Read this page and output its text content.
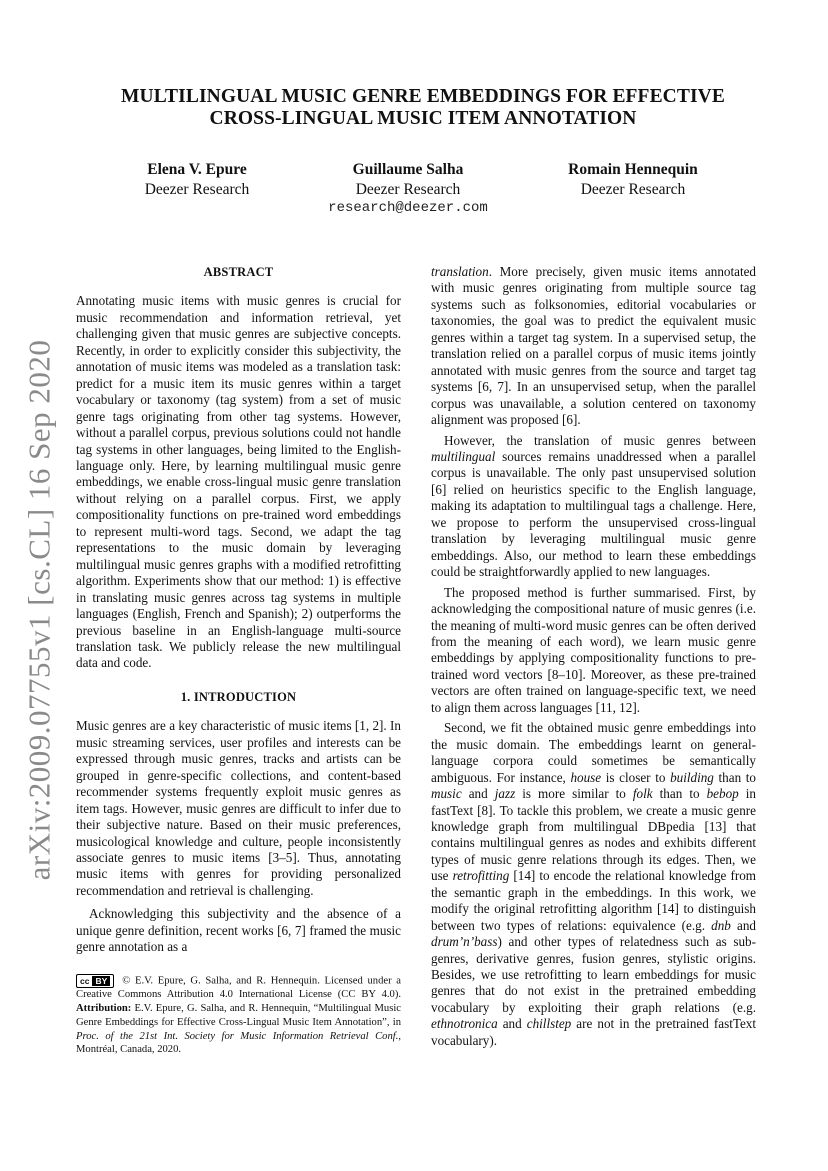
arXiv:2009.07755v1 [cs.CL] 16 Sep 2020
MULTILINGUAL MUSIC GENRE EMBEDDINGS FOR EFFECTIVE
CROSS-LINGUAL MUSIC ITEM ANNOTATION
Elena V. Epure
Deezer Research
Guillaume Salha
Deezer Research
Romain Hennequin
Deezer Research
research@deezer.com
ABSTRACT

Annotating music items with music genres is crucial for music recommendation and information retrieval, yet challenging given that music genres are subjective concepts. Recently, in order to explicitly consider this subjectivity, the annotation of music items was modeled as a translation task: predict for a music item its music genres within a target vocabulary or taxonomy (tag system) from a set of music genre tags originating from other tag systems. However, without a parallel corpus, previous solutions could not handle tag systems in other languages, being limited to the English-language only. Here, by learning multilingual music genre embeddings, we enable cross-lingual music genre translation without relying on a parallel corpus. First, we apply compositionality functions on pre-trained word embeddings to represent multi-word tags. Second, we adapt the tag representations to the music domain by leveraging multilingual music genres graphs with a modified retrofitting algorithm. Experiments show that our method: 1) is effective in translating music genres across tag systems in multiple languages (English, French and Spanish); 2) outperforms the previous baseline in an English-language multi-source translation task. We publicly release the new multilingual data and code.

1. INTRODUCTION

Music genres are a key characteristic of music items [1, 2]. In music streaming services, user profiles and interests can be expressed through music genres, tracks and artists can be grouped in genre-specific collections, and content-based recommender systems frequently exploit music genres as item tags. However, music genres are difficult to infer due to their subjective nature. Based on their music preferences, musicological knowledge and culture, people inconsistently associate genres to music items [3–5]. Thus, annotating music items with genres for providing personalized recommendation and retrieval is challenging.

Acknowledging this subjectivity and the absence of a unique genre definition, recent works [6, 7] framed the music genre annotation as a

translation. More precisely, given music items annotated with music genres originating from multiple source tag systems such as folksonomies, editorial vocabularies or taxonomies, the goal was to predict the equivalent music genres within a target tag system. In a supervised setup, the translation relied on a parallel corpus of music items jointly annotated with music genres from the source and target tag systems [6, 7]. In an unsupervised setup, when the parallel corpus was unavailable, a solution centered on taxonomy alignment was proposed [6].

However, the translation of music genres between multilingual sources remains unaddressed when a parallel corpus is unavailable. The only past unsupervised solution [6] relied on heuristics specific to the English language, making its adaptation to multilingual tags a challenge. Here, we propose to perform the unsupervised cross-lingual translation by leveraging multilingual music genre embeddings. Also, our method to learn these embeddings could be straightforwardly applied to new languages.

The proposed method is further summarised. First, by acknowledging the compositional nature of music genres (i.e. the meaning of multi-word music genres can be often derived from the meaning of each word), we learn music genre embeddings by applying compositionality functions to pre-trained word vectors [8–10]. Moreover, as these pre-trained vectors are often trained on language-specific text, we need to align them across languages [11, 12].

Second, we fit the obtained music genre embeddings into the music domain. The embeddings learnt on general-language corpora could sometimes be semantically ambiguous. For instance, house is closer to building than to music and jazz is more similar to folk than to bebop in fastText [8]. To tackle this problem, we create a music genre knowledge graph from multilingual DBpedia [13] that contains multilingual genres as nodes and exhibits different types of music genre relations through its edges. Then, we use retrofitting [14] to encode the relational knowledge from the semantic graph in the embeddings. In this work, we modify the original retrofitting algorithm [14] to distinguish between two types of relations: equivalence (e.g. dnb and drum’n’bass) and other types of relatedness such as sub-genres, derivative genres, fusion genres, stylistic origins. Besides, we use retrofitting to learn embeddings for music genres that do not exist in the pretrained embedding vocabulary by exploiting their graph relations (e.g. ethnotronica and chillstep are not in the pretrained fastText vocabulary).

cc BY © E.V. Epure, G. Salha, and R. Hennequin. Licensed under a Creative Commons Attribution 4.0 International License (CC BY 4.0). Attribution: E.V. Epure, G. Salha, and R. Hennequin, “Multilingual Music Genre Embeddings for Effective Cross-Lingual Music Item Annotation”, in Proc. of the 21st Int. Society for Music Information Retrieval Conf., Montréal, Canada, 2020.
